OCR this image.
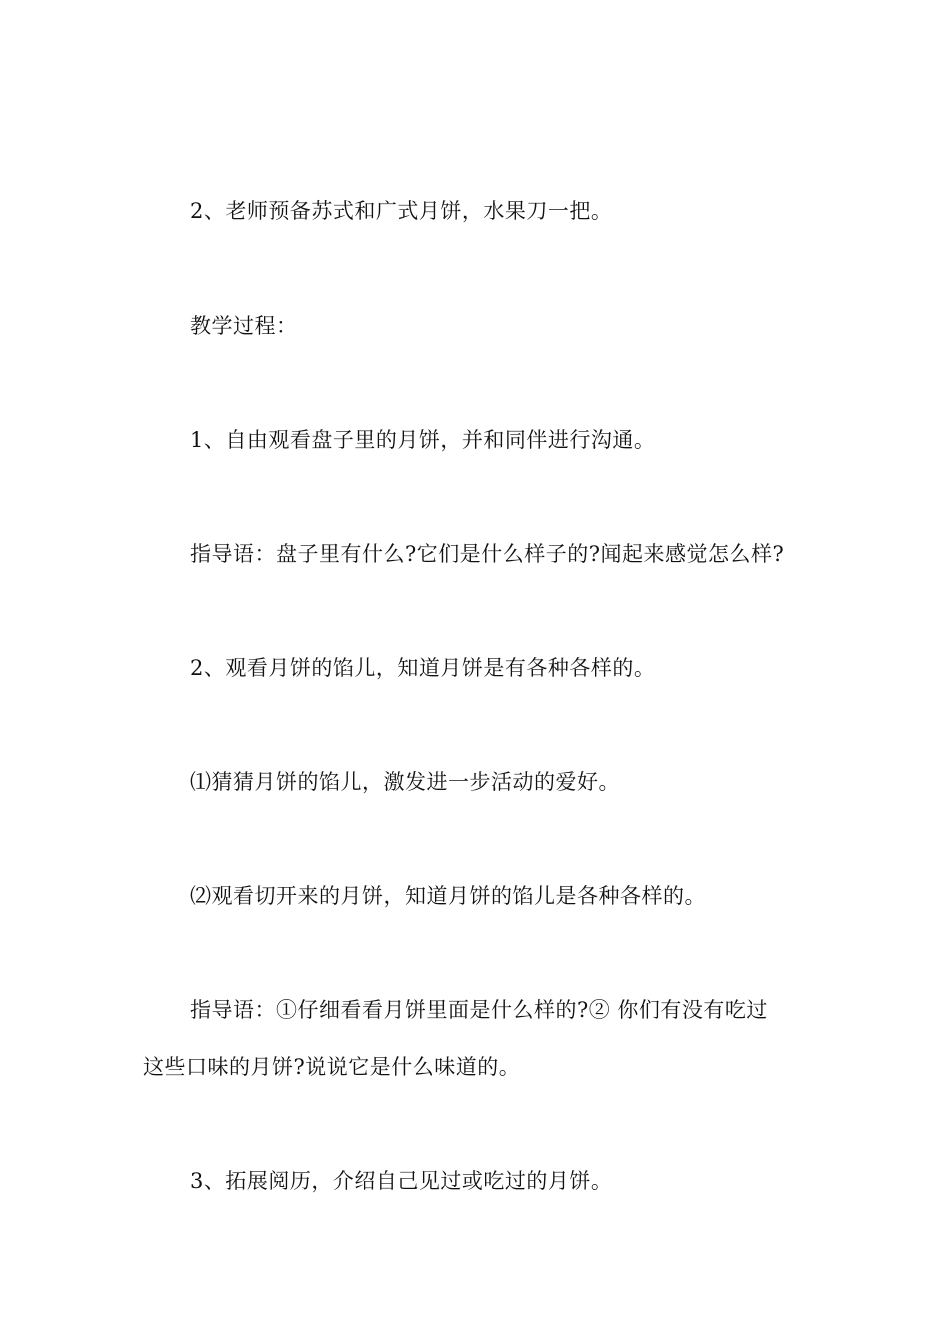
2、老师预备苏式和广式月饼，水果刀一把。

教学过程：

1、自由观看盘子里的月饼，并和同伴进行沟通。

指导语：盘子里有什么?它们是什么样子的?闻起来感觉怎么样?

2、观看月饼的馅儿，知道月饼是有各种各样的。

⑴猜猜月饼的馅儿，激发进一步活动的爱好。

⑵观看切开来的月饼，知道月饼的馅儿是各种各样的。

指导语：①仔细看看月饼里面是什么样的?② 你们有没有吃过

这些口味的月饼?说说它是什么味道的。

3、拓展阅历，介绍自己见过或吃过的月饼。
